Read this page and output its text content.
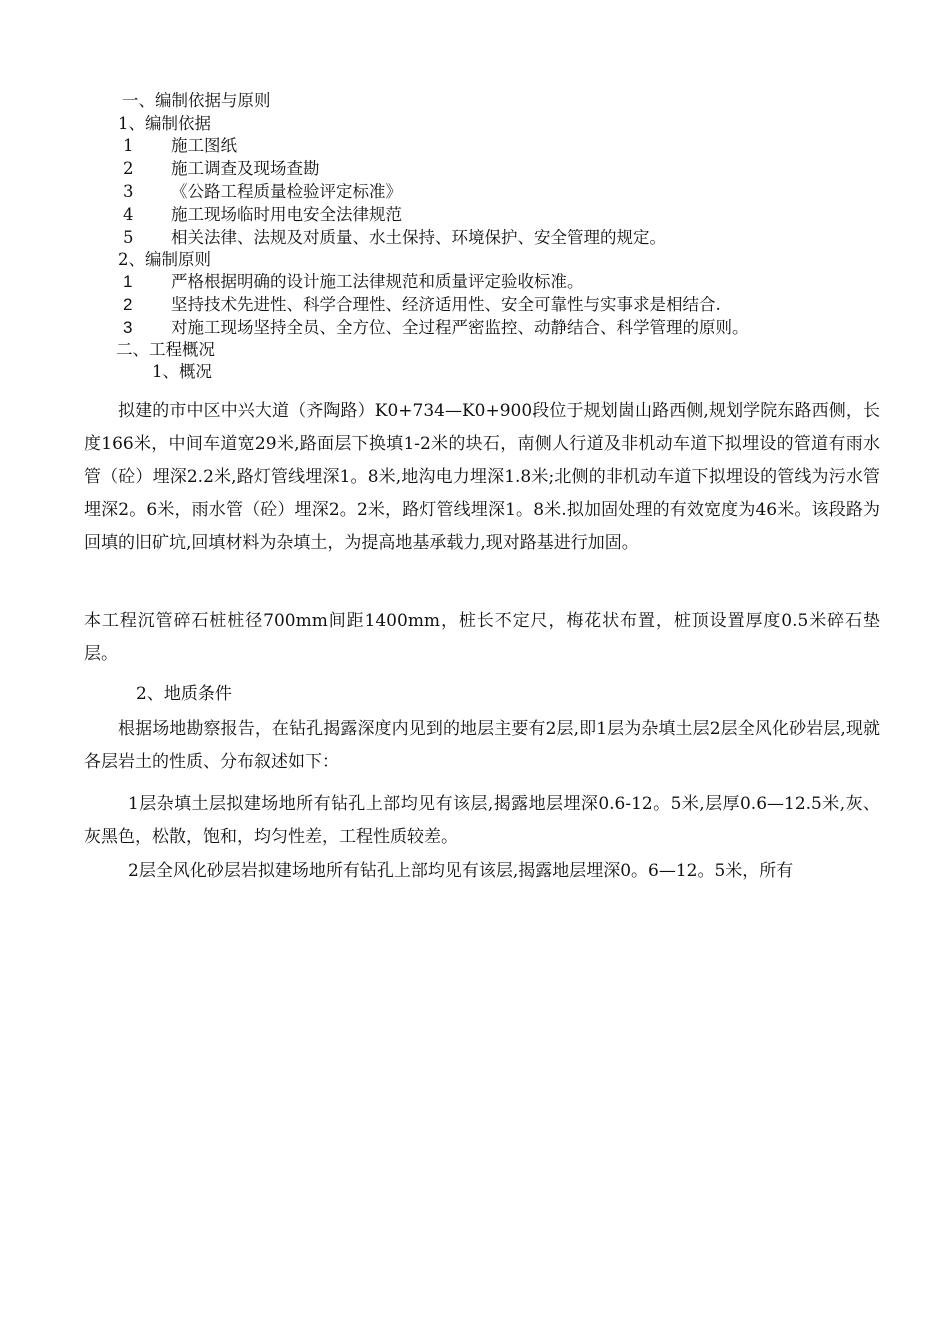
一、编制依据与原则
1、编制依据
1 施工图纸
2 施工调查及现场查勘
3 《公路工程质量检验评定标准》
4 施工现场临时用电安全法律规范
5 相关法律、法规及对质量、水土保持、环境保护、安全管理的规定。
2、编制原则
1 严格根据明确的设计施工法律规范和质量评定验收标准。
2 坚持技术先进性、科学合理性、经济适用性、安全可靠性与实事求是相结合.
3 对施工现场坚持全员、全方位、全过程严密监控、动静结合、科学管理的原则。
二、工程概况
1、概况
拟建的市中区中兴大道（齐陶路）K0+734—K0+900段位于规划崮山路西侧,规划学院东路西侧，长度166米，中间车道宽29米,路面层下换填1-2米的块石，南侧人行道及非机动车道下拟埋设的管道有雨水管（砼）埋深2.2米,路灯管线埋深1。8米,地沟电力埋深1.8米;北侧的非机动车道下拟埋设的管线为污水管埋深2。6米，雨水管（砼）埋深2。2米，路灯管线埋深1。8米.拟加固处理的有效宽度为46米。该段路为回填的旧矿坑,回填材料为杂填土，为提高地基承载力,现对路基进行加固。
本工程沉管碎石桩桩径700mm间距1400mm，桩长不定尺，梅花状布置，桩顶设置厚度0.5米碎石垫层。
2、地质条件
根据场地勘察报告，在钻孔揭露深度内见到的地层主要有2层,即1层为杂填土层2层全风化砂岩层,现就各层岩土的性质、分布叙述如下：
1层杂填土层拟建场地所有钻孔上部均见有该层,揭露地层埋深0.6-12。5米,层厚0.6—12.5米,灰、灰黑色，松散，饱和，均匀性差，工程性质较差。
2层全风化砂层岩拟建场地所有钻孔上部均见有该层,揭露地层埋深0。6—12。5米，所有
